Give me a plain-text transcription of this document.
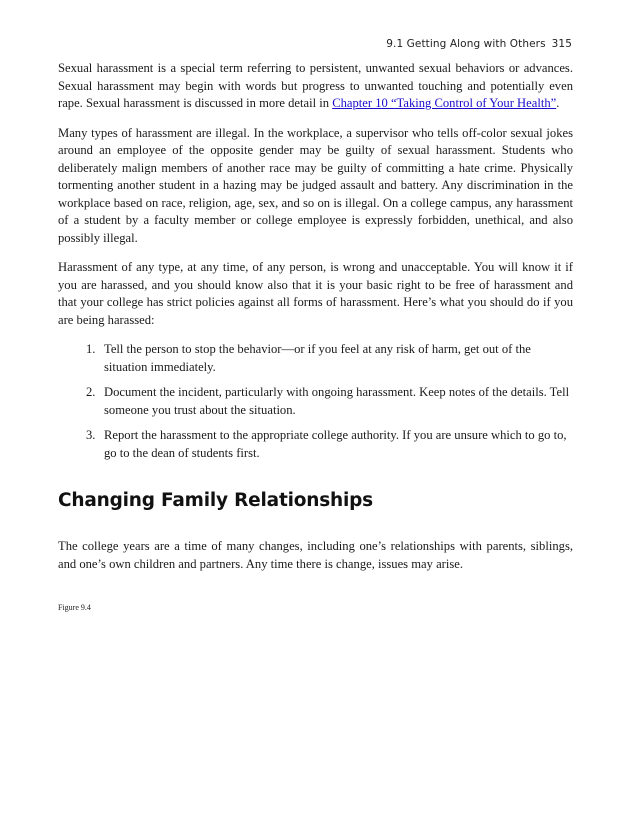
9.1 Getting Along with Others 315

Sexual harassment is a special term referring to persistent, unwanted sexual behaviors or advances. Sexual harassment may begin with words but progress to unwanted touching and potentially even rape. Sexual harassment is discussed in more detail in Chapter 10 “Taking Control of Your Health”.

Many types of harassment are illegal. In the workplace, a supervisor who tells off-color sexual jokes around an employee of the opposite gender may be guilty of sexual harassment. Students who deliberately malign members of another race may be guilty of committing a hate crime. Physically tormenting another student in a hazing may be judged assault and battery. Any discrimination in the workplace based on race, religion, age, sex, and so on is illegal. On a college campus, any harassment of a student by a faculty member or college employee is expressly forbidden, unethical, and also possibly illegal.

Harassment of any type, at any time, of any person, is wrong and unacceptable. You will know it if you are harassed, and you should know also that it is your basic right to be free of harassment and that your college has strict policies against all forms of harassment. Here’s what you should do if you are being harassed:

1. Tell the person to stop the behavior—or if you feel at any risk of harm, get out of the situation immediately.
2. Document the incident, particularly with ongoing harassment. Keep notes of the details. Tell someone you trust about the situation.
3. Report the harassment to the appropriate college authority. If you are unsure which to go to, go to the dean of students first.
Changing Family Relationships

The college years are a time of many changes, including one’s relationships with parents, siblings, and one’s own children and partners. Any time there is change, issues may arise.

Figure 9.4
